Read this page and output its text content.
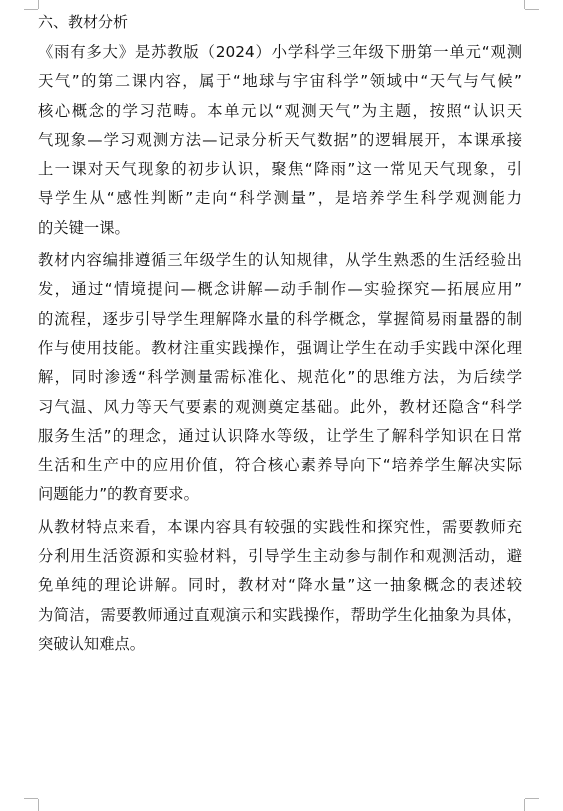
六、教材分析

《雨有多大》是苏教版（2024）小学科学三年级下册第一单元“观测
天气”的第二课内容，属于“地球与宇宙科学”领域中“天气与气候”
核心概念的学习范畴。本单元以“观测天气”为主题，按照“认识天
气现象—学习观测方法—记录分析天气数据”的逻辑展开，本课承接
上一课对天气现象的初步认识，聚焦“降雨”这一常见天气现象，引
导学生从“感性判断”走向“科学测量”，是培养学生科学观测能力
的关键一课。

教材内容编排遵循三年级学生的认知规律，从学生熟悉的生活经验出
发，通过“情境提问—概念讲解—动手制作—实验探究—拓展应用”
的流程，逐步引导学生理解降水量的科学概念，掌握简易雨量器的制
作与使用技能。教材注重实践操作，强调让学生在动手实践中深化理
解，同时渗透“科学测量需标准化、规范化”的思维方法，为后续学
习气温、风力等天气要素的观测奠定基础。此外，教材还隐含“科学
服务生活”的理念，通过认识降水等级，让学生了解科学知识在日常
生活和生产中的应用价值，符合核心素养导向下“培养学生解决实际
问题能力”的教育要求。

从教材特点来看，本课内容具有较强的实践性和探究性，需要教师充
分利用生活资源和实验材料，引导学生主动参与制作和观测活动，避
免单纯的理论讲解。同时，教材对“降水量”这一抽象概念的表述较
为简洁，需要教师通过直观演示和实践操作，帮助学生化抽象为具体，
突破认知难点。
